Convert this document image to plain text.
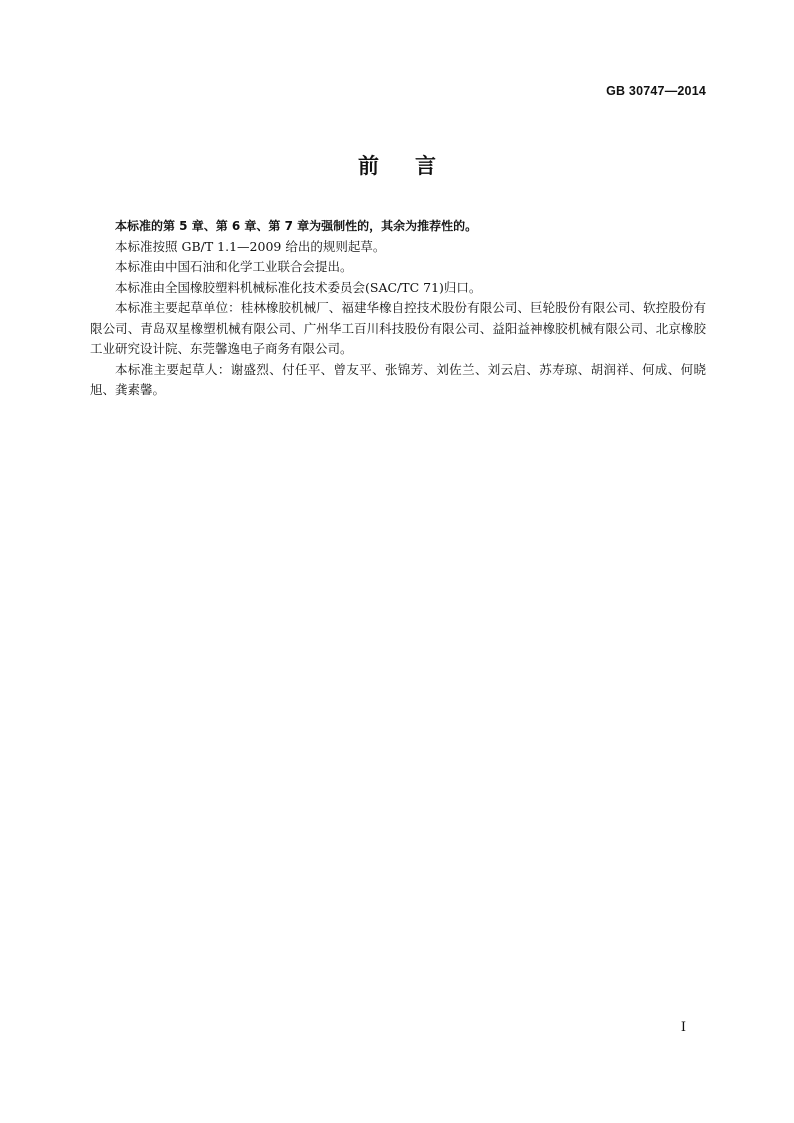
GB 30747—2014
前言

本标准的第 5 章、第 6 章、第 7 章为强制性的，其余为推荐性的。

本标准按照 GB/T 1.1—2009 给出的规则起草。

本标准由中国石油和化学工业联合会提出。

本标准由全国橡胶塑料机械标准化技术委员会(SAC/TC 71)归口。

本标准主要起草单位：桂林橡胶机械厂、福建华橡自控技术股份有限公司、巨轮股份有限公司、软控股份有限公司、青岛双星橡塑机械有限公司、广州华工百川科技股份有限公司、益阳益神橡胶机械有限公司、北京橡胶工业研究设计院、东莞馨逸电子商务有限公司。

本标准主要起草人：谢盛烈、付任平、曾友平、张锦芳、刘佐兰、刘云启、苏寿琼、胡润祥、何成、何晓旭、龚素馨。

I
